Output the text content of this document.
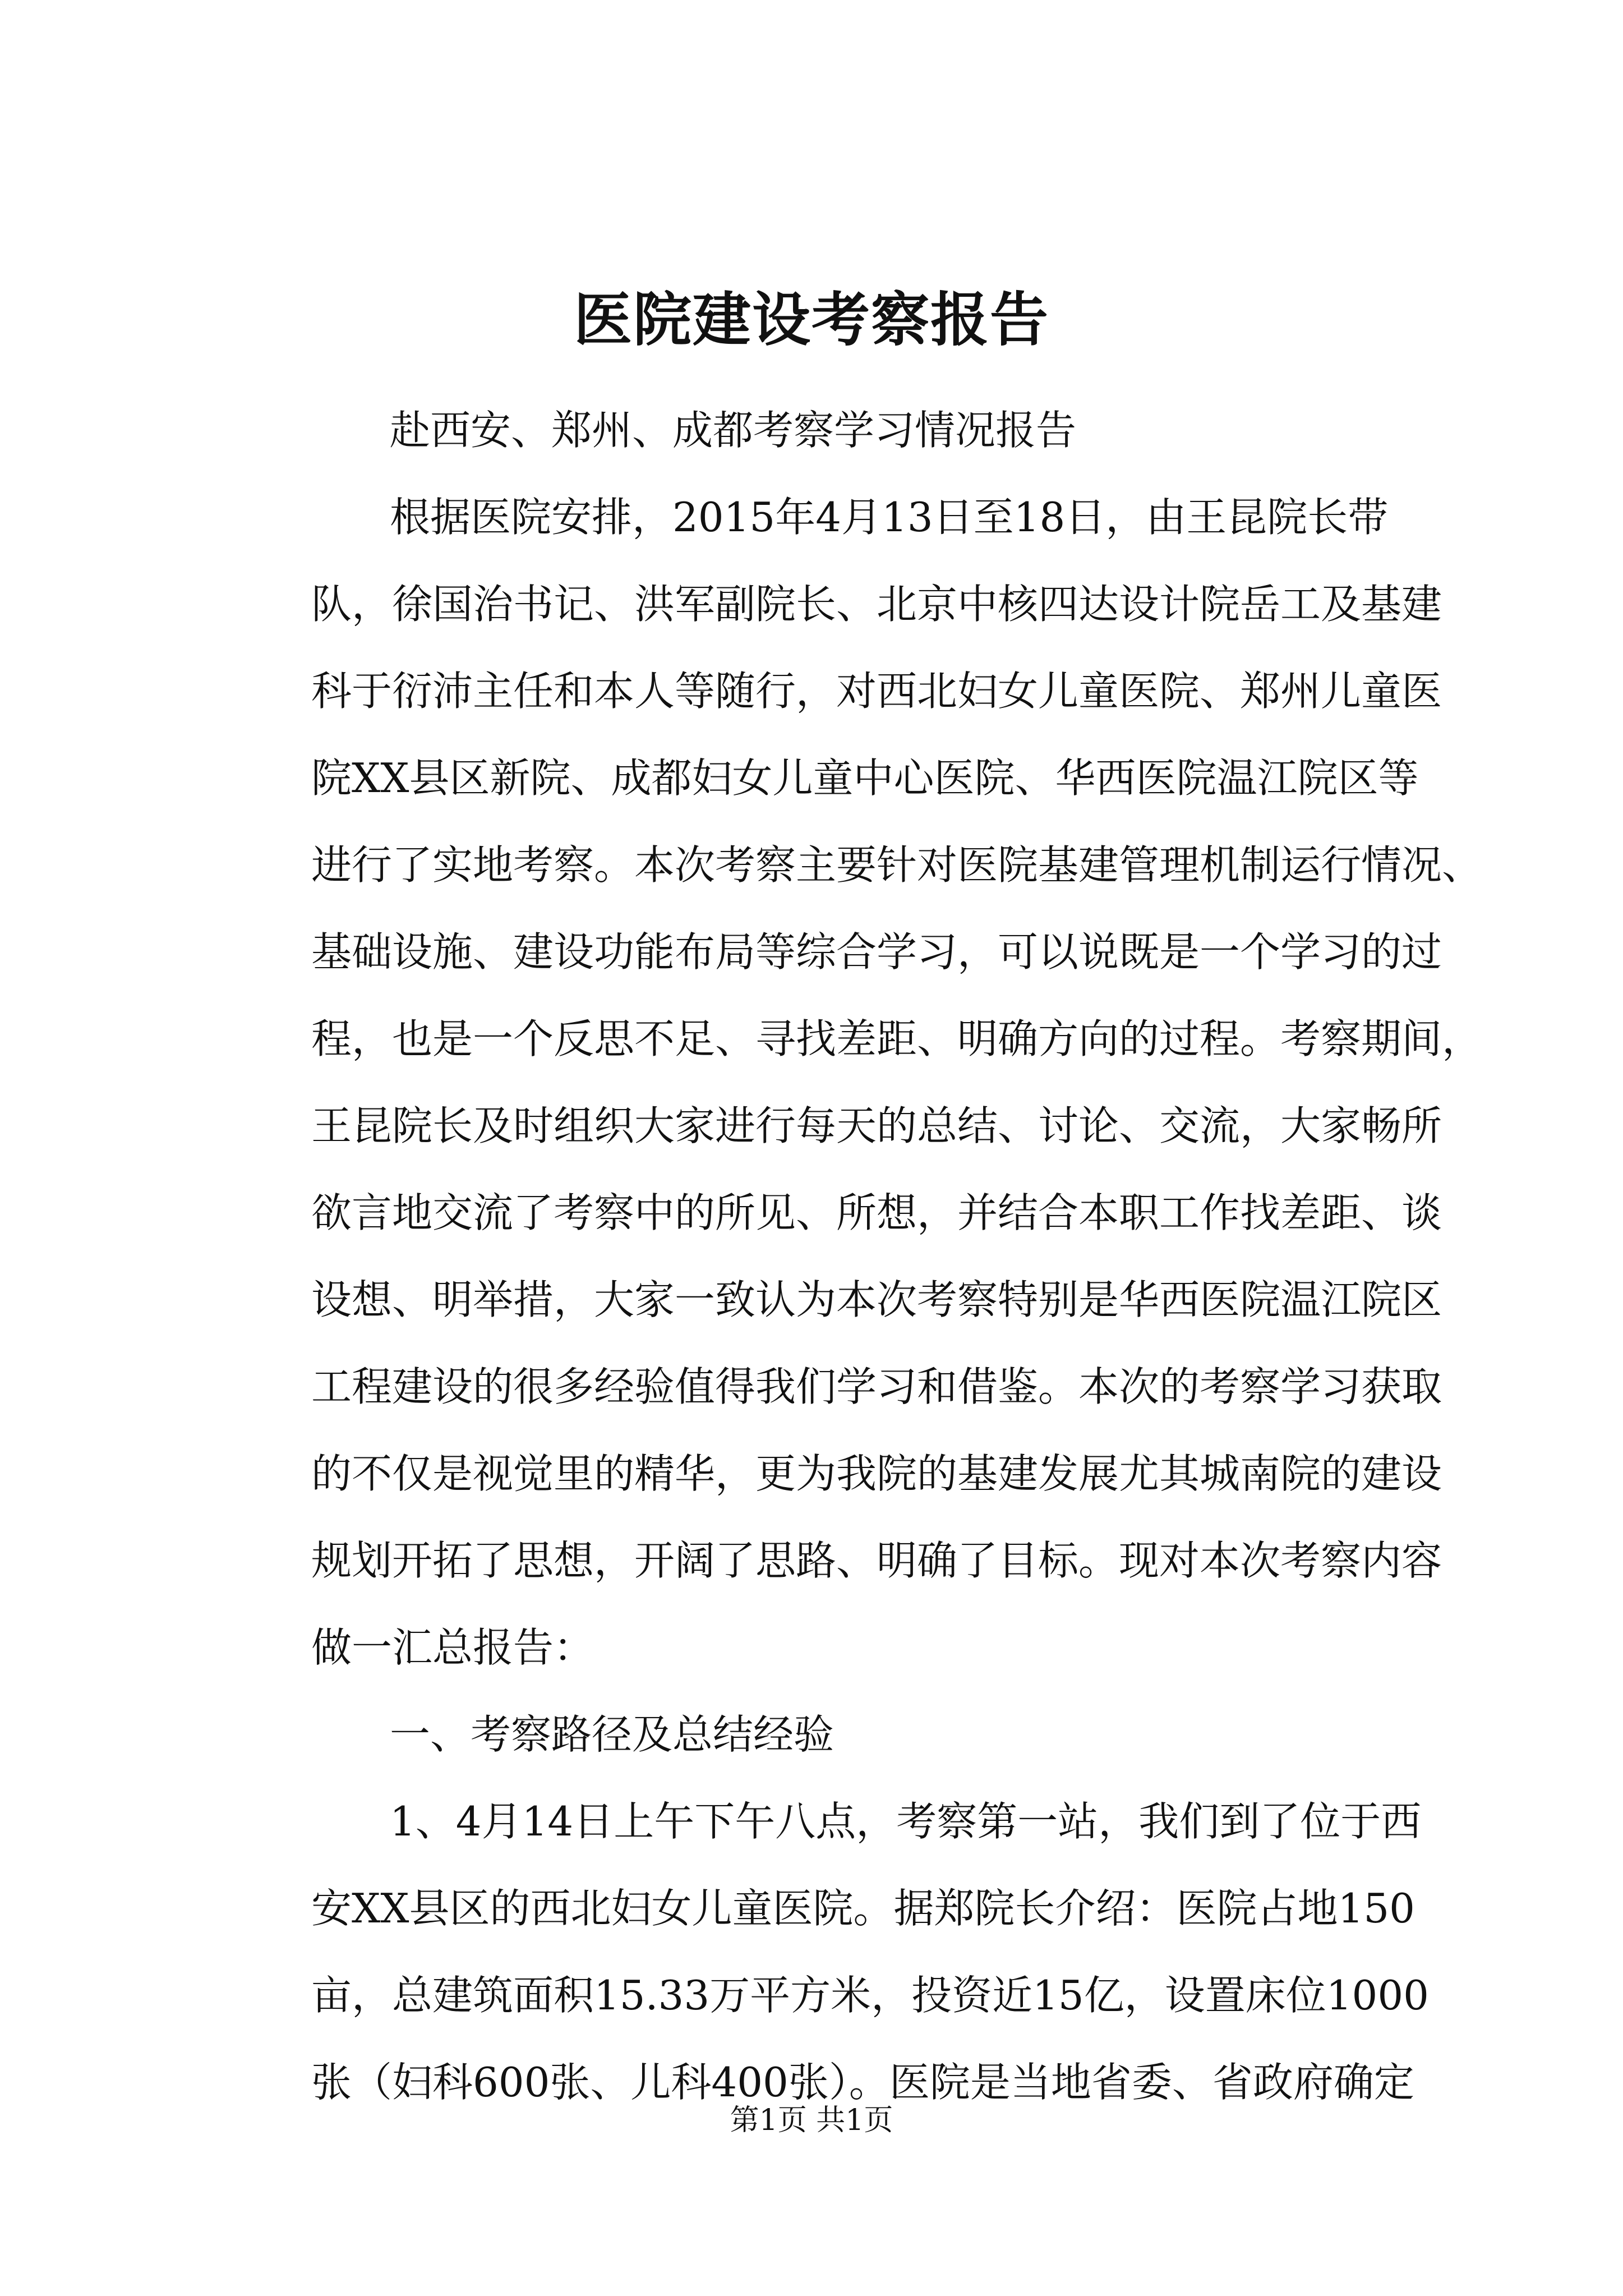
医院建设考察报告
赴西安、郑州、成都考察学习情况报告
根据医院安排，2015年4月13日至18日，由王昆院长带
队，徐国治书记、洪军副院长、北京中核四达设计院岳工及基建
科于衍沛主任和本人等随行，对西北妇女儿童医院、郑州儿童医
院XX县区新院、成都妇女儿童中心医院、华西医院温江院区等
进行了实地考察。本次考察主要针对医院基建管理机制运行情况、
基础设施、建设功能布局等综合学习，可以说既是一个学习的过
程，也是一个反思不足、寻找差距、明确方向的过程。考察期间，
王昆院长及时组织大家进行每天的总结、讨论、交流，大家畅所
欲言地交流了考察中的所见、所想，并结合本职工作找差距、谈
设想、明举措，大家一致认为本次考察特别是华西医院温江院区
工程建设的很多经验值得我们学习和借鉴。本次的考察学习获取
的不仅是视觉里的精华，更为我院的基建发展尤其城南院的建设
规划开拓了思想，开阔了思路、明确了目标。现对本次考察内容
做一汇总报告：
一、考察路径及总结经验
1、4月14日上午下午八点，考察第一站，我们到了位于西
安XX县区的西北妇女儿童医院。据郑院长介绍：医院占地150
亩，总建筑面积15.33万平方米，投资近15亿，设置床位1000
张（妇科600张、儿科400张）。医院是当地省委、省政府确定

第1页 共1页
